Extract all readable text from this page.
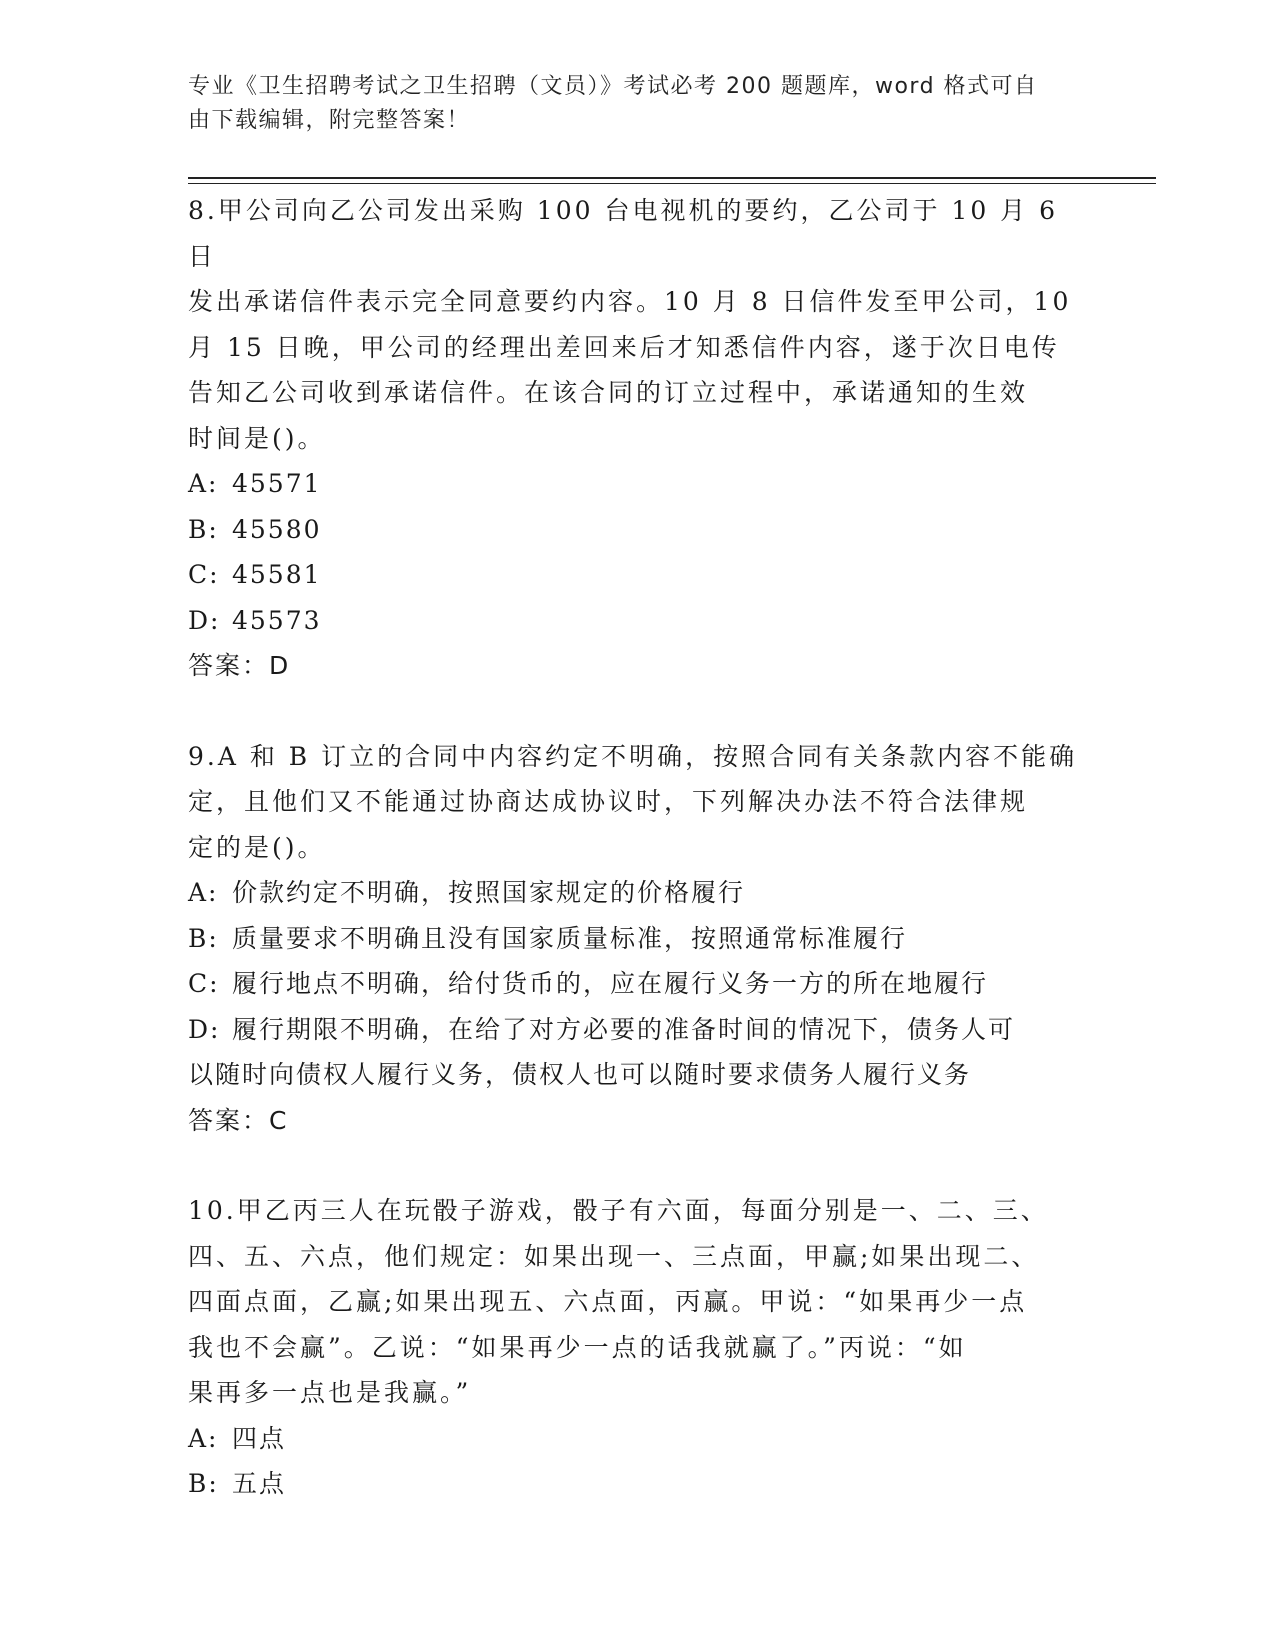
专业《卫生招聘考试之卫生招聘（文员）》考试必考 200 题题库，word 格式可自
由下载编辑，附完整答案！

8.甲公司向乙公司发出采购 100 台电视机的要约，乙公司于 10 月 6 日
发出承诺信件表示完全同意要约内容。10 月 8 日信件发至甲公司，10
月 15 日晚，甲公司的经理出差回来后才知悉信件内容，遂于次日电传
告知乙公司收到承诺信件。在该合同的订立过程中，承诺通知的生效
时间是()。

A: 45571

B: 45580

C: 45581

D: 45573

答案：D

9.A 和 B 订立的合同中内容约定不明确，按照合同有关条款内容不能确
定，且他们又不能通过协商达成协议时，下列解决办法不符合法律规
定的是()。

A: 价款约定不明确，按照国家规定的价格履行

B: 质量要求不明确且没有国家质量标准，按照通常标准履行

C: 履行地点不明确，给付货币的，应在履行义务一方的所在地履行

D: 履行期限不明确，在给了对方必要的准备时间的情况下，债务人可
以随时向债权人履行义务，债权人也可以随时要求债务人履行义务

答案：C

10.甲乙丙三人在玩骰子游戏，骰子有六面，每面分别是一、二、三、
四、五、六点，他们规定：如果出现一、三点面，甲赢;如果出现二、
四面点面，乙赢;如果出现五、六点面，丙赢。甲说：“如果再少一点
我也不会赢”。乙说：“如果再少一点的话我就赢了。”丙说：“如
果再多一点也是我赢。”

A: 四点

B: 五点
